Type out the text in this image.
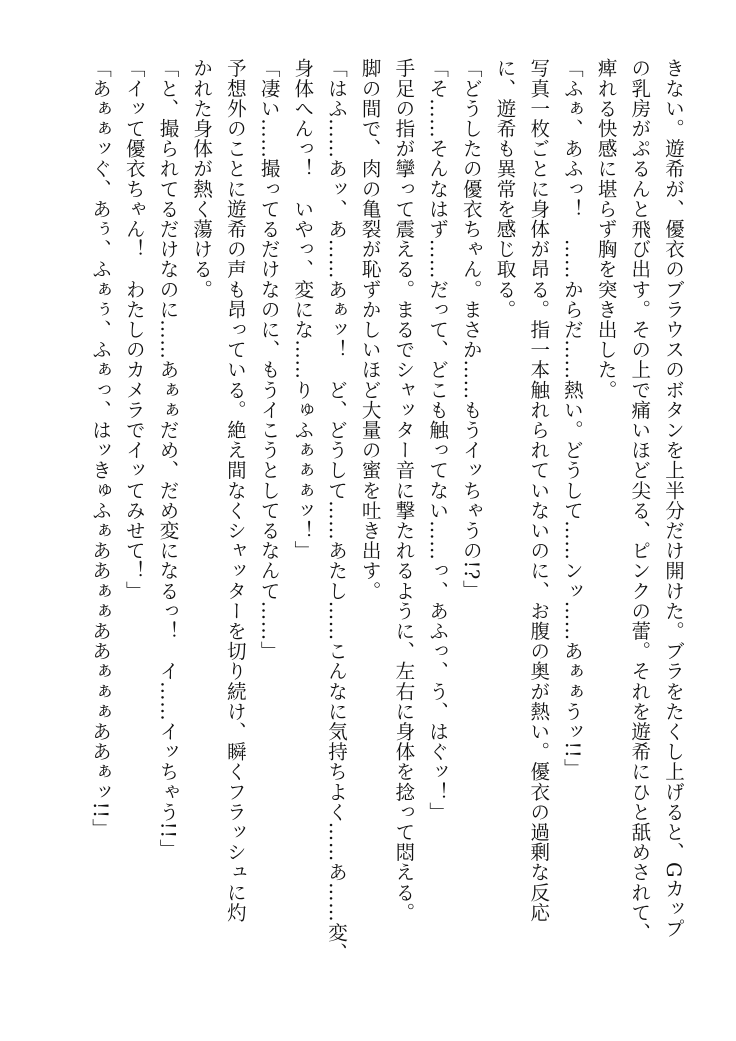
きない。遊希が、優衣のブラウスのボタンを上半分だけ開けた。ブラをたくし上げると、Gカップ
の乳房がぷるんと飛び出す。その上で痛いほど尖る、ピンクの蕾。それを遊希にひと舐めされて、
痺れる快感に堪らず胸を突き出した。
「ふぁ、あふっ！　……からだ……熱い。どうして……ンッ……あぁぁうッ!!」
写真一枚ごとに身体が昂る。指一本触れられていないのに、お腹の奥が熱い。優衣の過剰な反応
に、遊希も異常を感じ取る。
「どうしたの優衣ちゃん。まさか……もうイッちゃうの!?」
「そ……そんなはず……だって、どこも触ってない……っ、あふっ、う、はぐッ！」
手足の指が攣って震える。まるでシャッター音に撃たれるように、左右に身体を捻って悶える。
脚の間で、肉の亀裂が恥ずかしいほど大量の蜜を吐き出す。
「はふ……あッ、あ……あぁッ！　ど、どうして……あたし……こんなに気持ちよく……あ……変、
身体へんっ！　いやっ、変にな……りゅふぁぁぁッ！」
「凄い……撮ってるだけなのに、もうイこうとしてるなんて……」
予想外のことに遊希の声も昂っている。絶え間なくシャッターを切り続け、瞬くフラッシュに灼
かれた身体が熱く蕩ける。
「と、撮られてるだけなのに……あぁぁだめ、だめ変になるっ！　イ……イッちゃう!!」
「イッて優衣ちゃん！　わたしのカメラでイッてみせて！」
「あぁぁッぐ、あぅ、ふぁぅ、ふぁっ、はッきゅふぁああぁぁああぁぁぁああぁッ!!」
